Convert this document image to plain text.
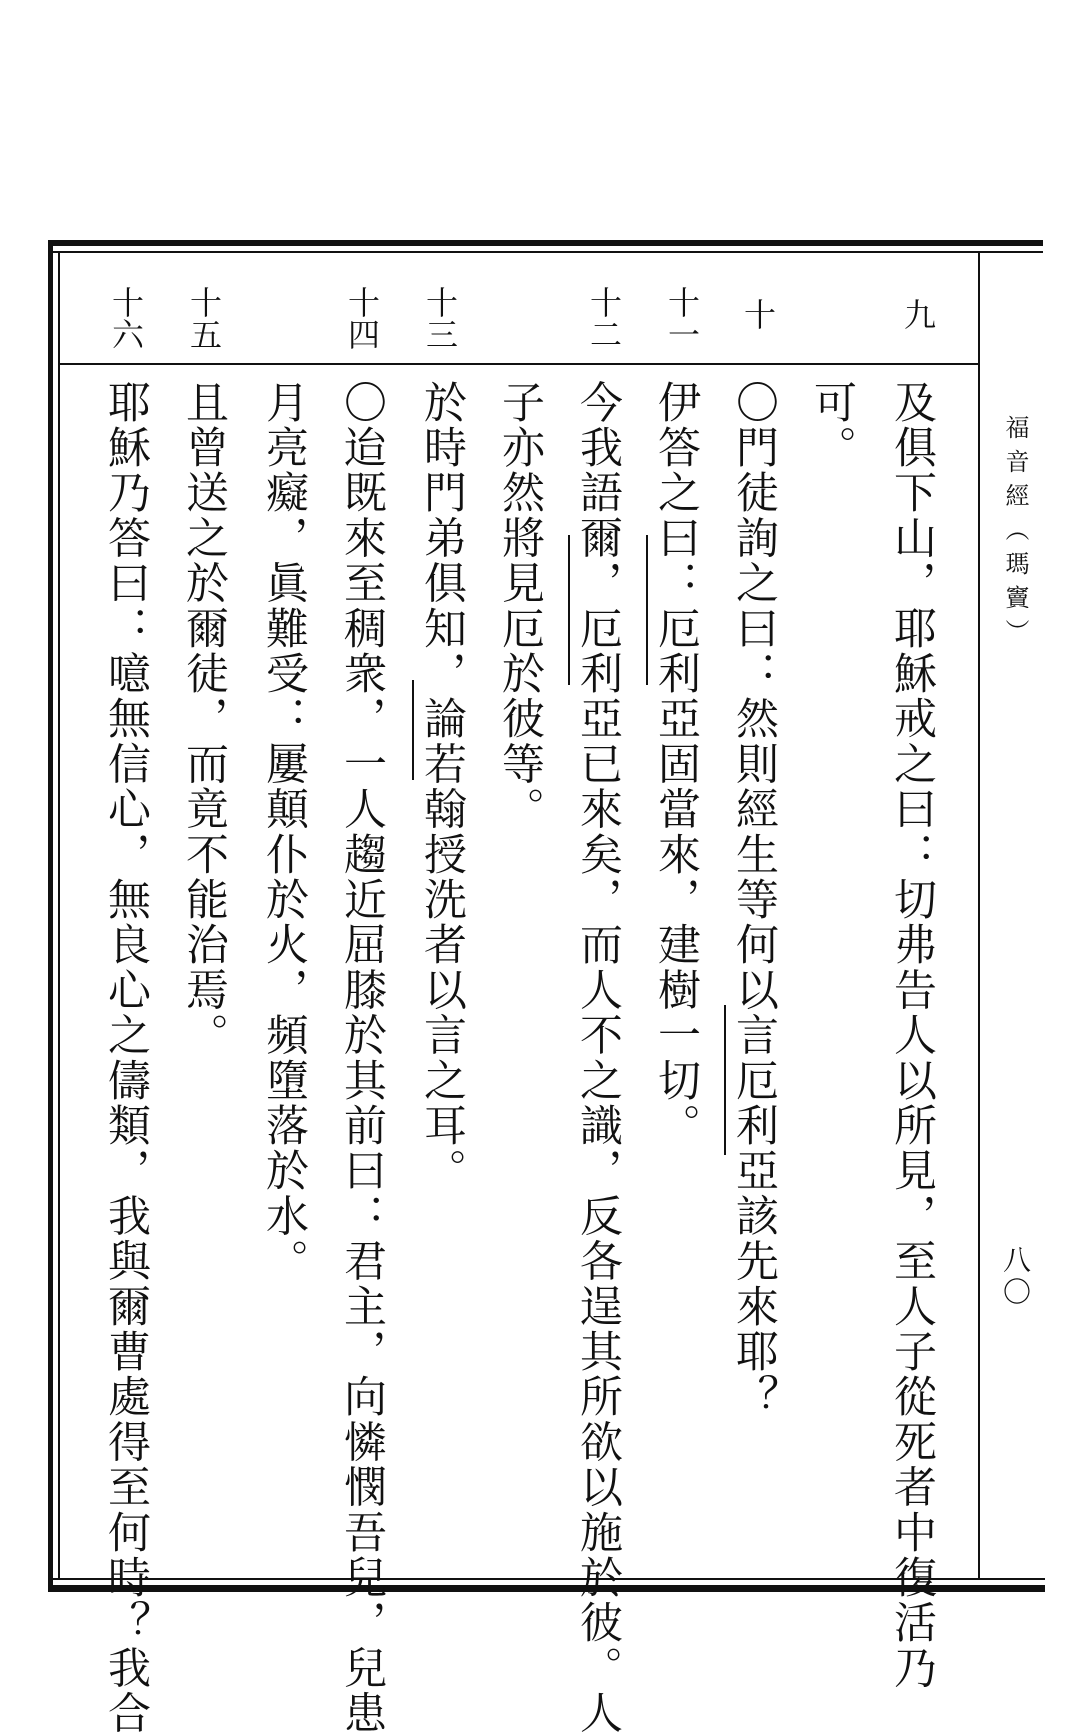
福音經（瑪竇）
八〇
九
十
十一
十二
十三
十四
十五
十六
及俱下山，耶穌戒之曰：切弗告人以所見，至人子從死者中復活乃
可。
〇門徒詢之曰：然則經生等何以言厄利亞該先來耶？
伊答之曰：厄利亞固當來，建樹一切。
今我語爾，厄利亞已來矣，而人不之識，反各逞其所欲以施於彼。人
子亦然將見厄於彼等。
於時門弟俱知，論若翰授洗者以言之耳。
〇迨既來至稠衆，一人趨近屈膝於其前曰：君主，向憐憫吾兒，兒患
月亮癡，眞難受：屢顛仆於火，頻墮落於水。
且曾送之於爾徒，而竟不能治焉。
耶穌乃答曰：噫無信心，無良心之儔類，我與爾曹處得至何時？我合
